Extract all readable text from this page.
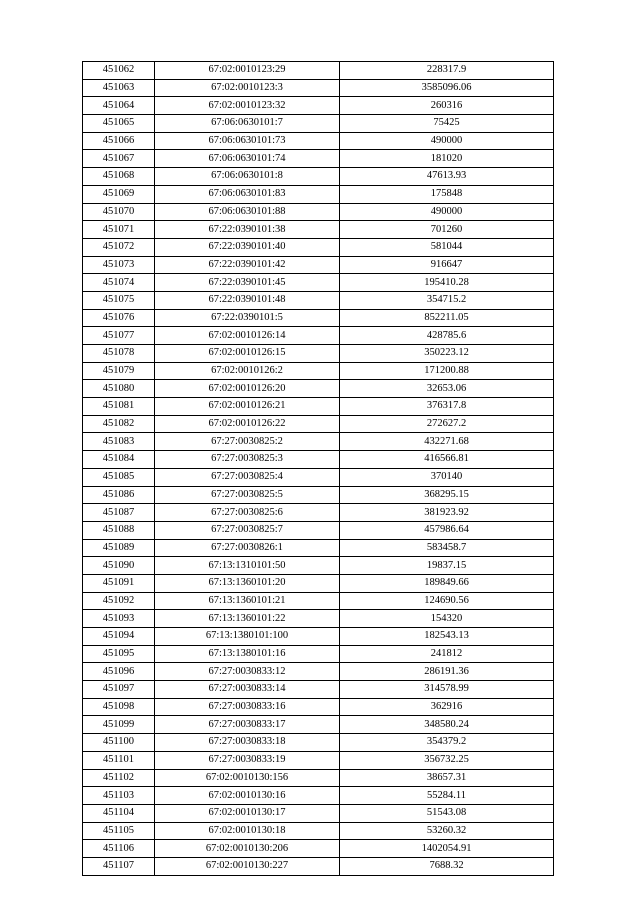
451062	67:02:0010123:29	228317.9
451063	67:02:0010123:3	3585096.06
451064	67:02:0010123:32	260316
451065	67:06:0630101:7	75425
451066	67:06:0630101:73	490000
451067	67:06:0630101:74	181020
451068	67:06:0630101:8	47613.93
451069	67:06:0630101:83	175848
451070	67:06:0630101:88	490000
451071	67:22:0390101:38	701260
451072	67:22:0390101:40	581044
451073	67:22:0390101:42	916647
451074	67:22:0390101:45	195410.28
451075	67:22:0390101:48	354715.2
451076	67:22:0390101:5	852211.05
451077	67:02:0010126:14	428785.6
451078	67:02:0010126:15	350223.12
451079	67:02:0010126:2	171200.88
451080	67:02:0010126:20	32653.06
451081	67:02:0010126:21	376317.8
451082	67:02:0010126:22	272627.2
451083	67:27:0030825:2	432271.68
451084	67:27:0030825:3	416566.81
451085	67:27:0030825:4	370140
451086	67:27:0030825:5	368295.15
451087	67:27:0030825:6	381923.92
451088	67:27:0030825:7	457986.64
451089	67:27:0030826:1	583458.7
451090	67:13:1310101:50	19837.15
451091	67:13:1360101:20	189849.66
451092	67:13:1360101:21	124690.56
451093	67:13:1360101:22	154320
451094	67:13:1380101:100	182543.13
451095	67:13:1380101:16	241812
451096	67:27:0030833:12	286191.36
451097	67:27:0030833:14	314578.99
451098	67:27:0030833:16	362916
451099	67:27:0030833:17	348580.24
451100	67:27:0030833:18	354379.2
451101	67:27:0030833:19	356732.25
451102	67:02:0010130:156	38657.31
451103	67:02:0010130:16	55284.11
451104	67:02:0010130:17	51543.08
451105	67:02:0010130:18	53260.32
451106	67:02:0010130:206	1402054.91
451107	67:02:0010130:227	7688.32
